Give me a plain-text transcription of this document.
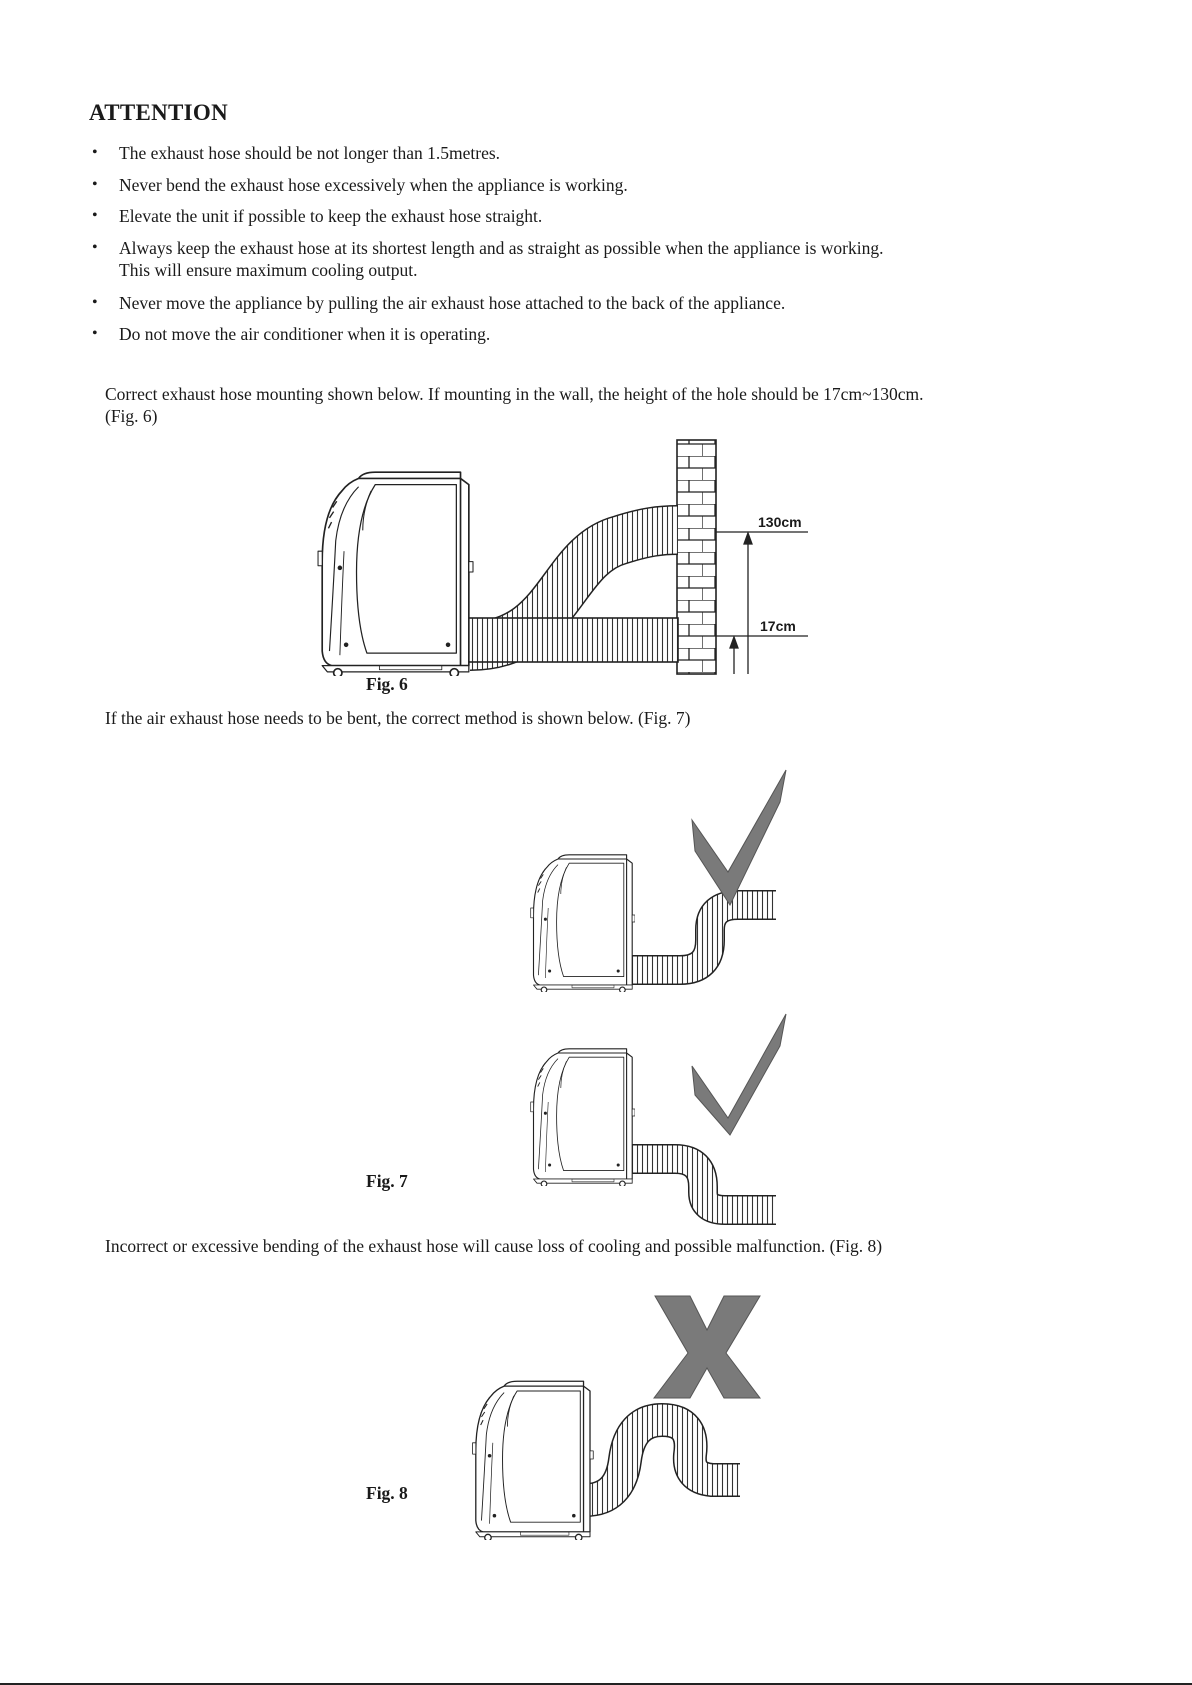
ATTENTION
• The exhaust hose should be not longer than 1.5metres.
• Never bend the exhaust hose excessively when the appliance is working.
• Elevate the unit if possible to keep the exhaust hose straight.
• Always keep the exhaust hose at its shortest length and as straight as possible when the appliance is working.
This will ensure maximum cooling output.
• Never move the appliance by pulling the air exhaust hose attached to the back of the appliance.
• Do not move the air conditioner when it is operating.
Correct exhaust hose mounting shown below. If mounting in the wall, the height of the hole should be 17cm~130cm.
(Fig. 6)
If the air exhaust hose needs to be bent, the correct method is shown below. (Fig. 7)
Incorrect or excessive bending of the exhaust hose will cause loss of cooling and possible malfunction. (Fig. 8)
Fig. 6
Fig. 7
Fig. 8
130cm
17cm
